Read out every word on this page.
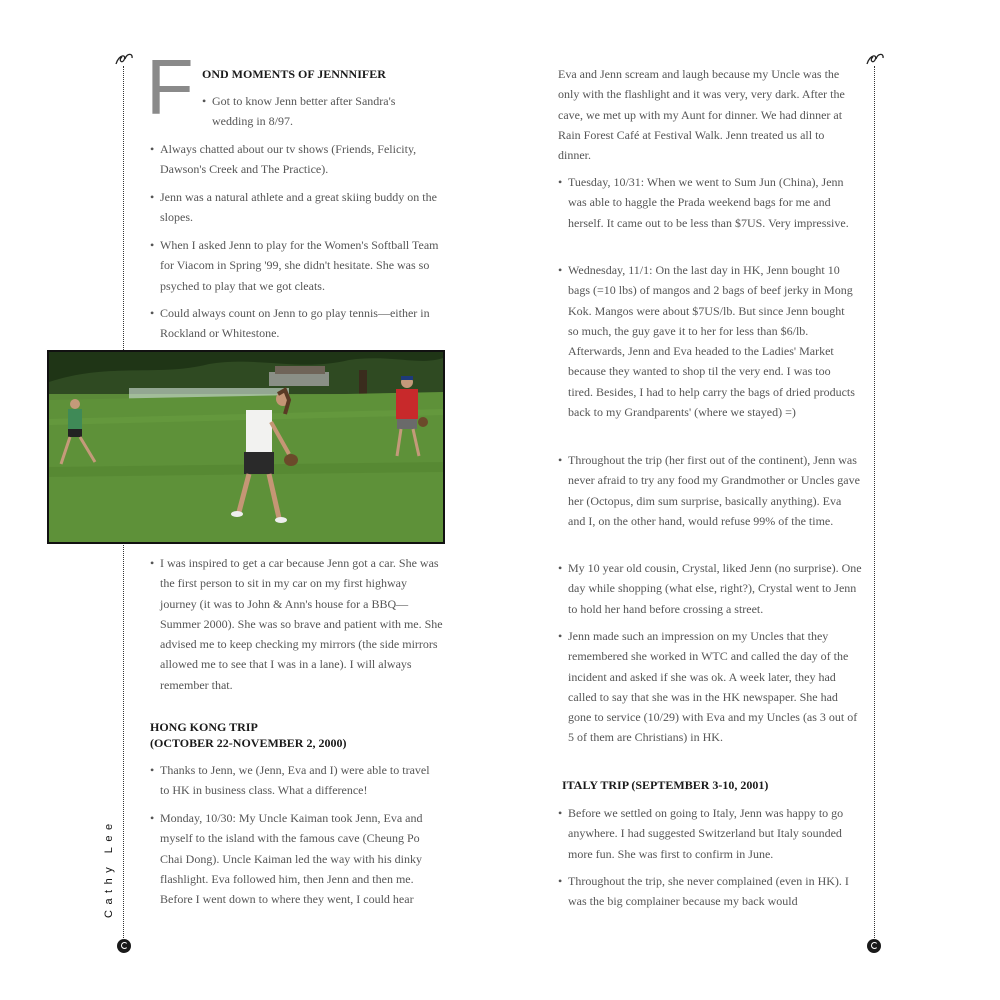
Cathy Lee
F OND MOMENTS OF JENNNIFER
• Got to know Jenn better after Sandra's wedding in 8/97.
• Always chatted about our tv shows (Friends, Felicity, Dawson's Creek and The Practice).
• Jenn was a natural athlete and a great skiing buddy on the slopes.
• When I asked Jenn to play for the Women's Softball Team for Viacom in Spring '99, she didn't hesitate. She was so psyched to play that we got cleats.
• Could always count on Jenn to go play tennis—either in Rockland or Whitestone.
• I was inspired to get a car because Jenn got a car. She was the first person to sit in my car on my first highway journey (it was to John & Ann's house for a BBQ—Summer 2000). She was so brave and patient with me. She advised me to keep checking my mirrors (the side mirrors allowed me to see that I was in a lane). I will always remember that.
HONG KONG TRIP
(OCTOBER 22-NOVEMBER 2, 2000)
• Thanks to Jenn, we (Jenn, Eva and I) were able to travel to HK in business class. What a difference!
• Monday, 10/30: My Uncle Kaiman took Jenn, Eva and myself to the island with the famous cave (Cheung Po Chai Dong). Uncle Kaiman led the way with his dinky flashlight. Eva followed him, then Jenn and then me. Before I went down to where they went, I could hear
Eva and Jenn scream and laugh because my Uncle was the only with the flashlight and it was very, very dark. After the cave, we met up with my Aunt for dinner. We had dinner at Rain Forest Café at Festival Walk. Jenn treated us all to dinner.
• Tuesday, 10/31: When we went to Sum Jun (China), Jenn was able to haggle the Prada weekend bags for me and herself. It came out to be less than $7US. Very impressive.
• Wednesday, 11/1: On the last day in HK, Jenn bought 10 bags (=10 lbs) of mangos and 2 bags of beef jerky in Mong Kok. Mangos were about $7US/lb. But since Jenn bought so much, the guy gave it to her for less than $6/lb. Afterwards, Jenn and Eva headed to the Ladies' Market because they wanted to shop til the very end. I was too tired. Besides, I had to help carry the bags of dried products back to my Grandparents' (where we stayed) =)
• Throughout the trip (her first out of the continent), Jenn was never afraid to try any food my Grandmother or Uncles gave her (Octopus, dim sum surprise, basically anything). Eva and I, on the other hand, would refuse 99% of the time.
• My 10 year old cousin, Crystal, liked Jenn (no surprise). One day while shopping (what else, right?), Crystal went to Jenn to hold her hand before crossing a street.
• Jenn made such an impression on my Uncles that they remembered she worked in WTC and called the day of the incident and asked if she was ok. A week later, they had called to say that she was in the HK newspaper. She had gone to service (10/29) with Eva and my Uncles (as 3 out of 5 of them are Christians) in HK.
ITALY TRIP (SEPTEMBER 3-10, 2001)
• Before we settled on going to Italy, Jenn was happy to go anywhere. I had suggested Switzerland but Italy sounded more fun. She was first to confirm in June.
• Throughout the trip, she never complained (even in HK). I was the big complainer because my back would
